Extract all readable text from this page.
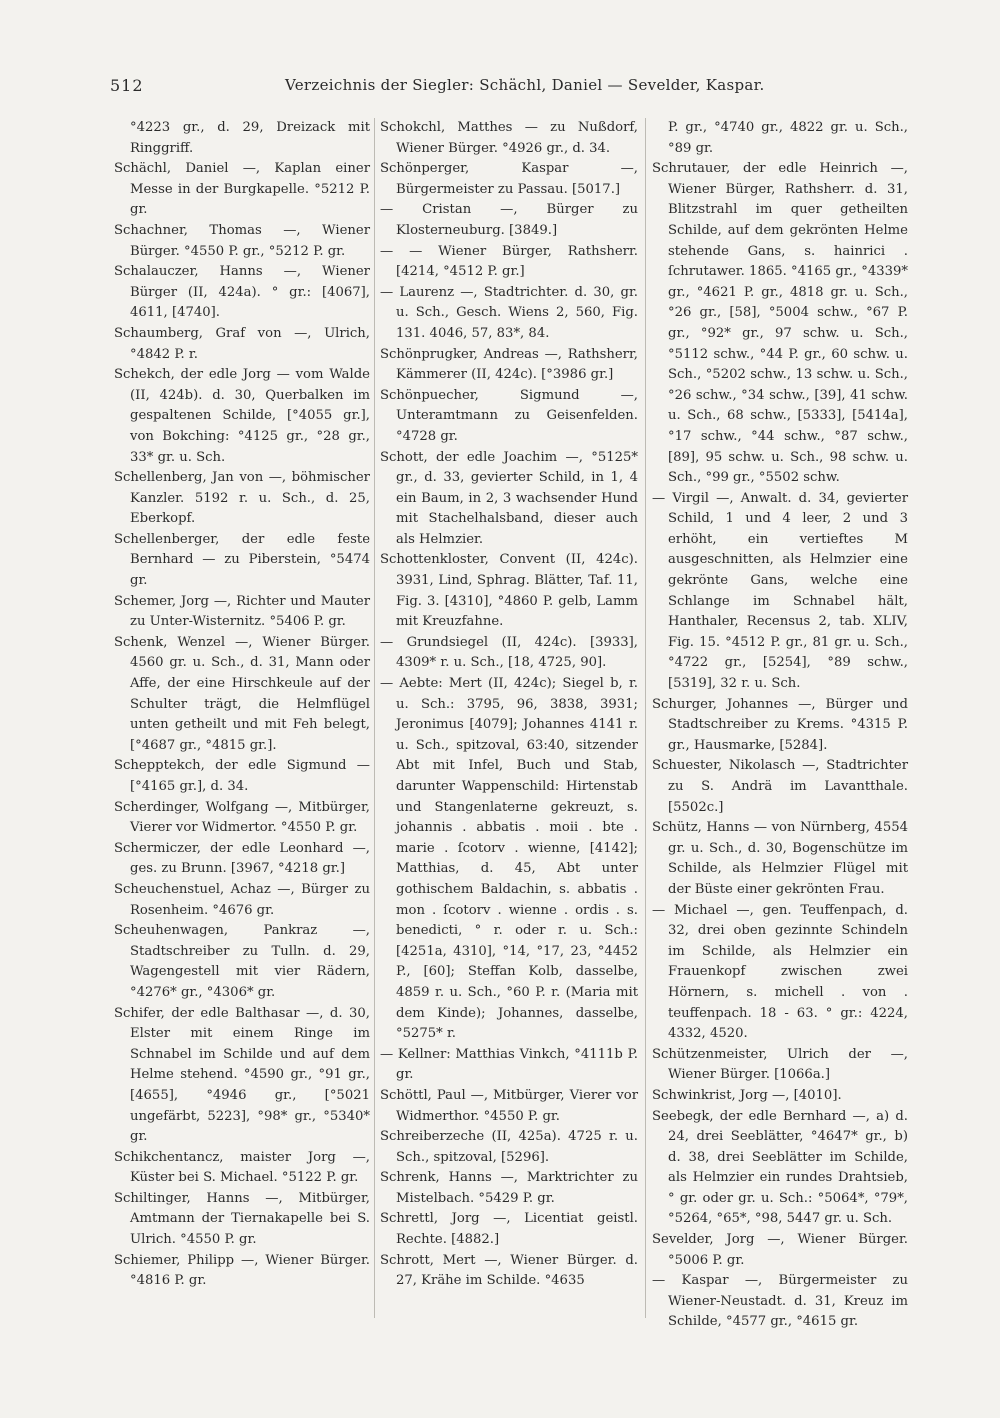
512	Verzeichnis der Siegler: Schächl, Daniel — Sevelder, Kaspar.

°4223 gr., d. 29, Dreizack mit Ringgriff.

Schächl, Daniel —, Kaplan einer Messe in der Burgkapelle. °5212 P. gr.

Schachner, Thomas —, Wiener Bürger. °4550 P. gr., °5212 P. gr.

Schalauczer, Hanns —, Wiener Bürger (II, 424a). ° gr.: [4067], 4611, [4740].

Schaumberg, Graf von —, Ulrich, °4842 P. r.

Schekch, der edle Jorg — vom Walde (II, 424b). d. 30, Querbalken im gespaltenen Schilde, [°4055 gr.], von Bokching: °4125 gr., °28 gr., 33* gr. u. Sch.

Schellenberg, Jan von —, böhmischer Kanzler. 5192 r. u. Sch., d. 25, Eberkopf.

Schellenberger, der edle feste Bernhard — zu Piberstein, °5474 gr.

Schemer, Jorg —, Richter und Mauter zu Unter-Wisternitz. °5406 P. gr.

Schenk, Wenzel —, Wiener Bürger. 4560 gr. u. Sch., d. 31, Mann oder Affe, der eine Hirschkeule auf der Schulter trägt, die Helmflügel unten getheilt und mit Feh belegt, [°4687 gr., °4815 gr.].

Schepptekch, der edle Sigmund — [°4165 gr.], d. 34.

Scherdinger, Wolfgang —, Mitbürger, Vierer vor Widmertor. °4550 P. gr.

Schermiczer, der edle Leonhard —, ges. zu Brunn. [3967, °4218 gr.]

Scheuchenstuel, Achaz —, Bürger zu Rosenheim. °4676 gr.

Scheuhenwagen, Pankraz —, Stadtschreiber zu Tulln. d. 29, Wagengestell mit vier Rädern, °4276* gr., °4306* gr.

Schifer, der edle Balthasar —, d. 30, Elster mit einem Ringe im Schnabel im Schilde und auf dem Helme stehend. °4590 gr., °91 gr., [4655], °4946 gr., [°5021 ungefärbt, 5223], °98* gr., °5340* gr.

Schikchentancz, maister Jorg —, Küster bei S. Michael. °5122 P. gr.

Schiltinger, Hanns —, Mitbürger, Amtmann der Tiernakapelle bei S. Ulrich. °4550 P. gr.

Schiemer, Philipp —, Wiener Bürger. °4816 P. gr.

Schokchl, Matthes — zu Nußdorf, Wiener Bürger. °4926 gr., d. 34.

Schönperger, Kaspar —, Bürgermeister zu Passau. [5017.]

— Cristan —, Bürger zu Klosterneuburg. [3849.]

— — Wiener Bürger, Rathsherr. [4214, °4512 P. gr.]

— Laurenz —, Stadtrichter. d. 30, gr. u. Sch., Gesch. Wiens 2, 560, Fig. 131. 4046, 57, 83*, 84.

Schönprugker, Andreas —, Rathsherr, Kämmerer (II, 424c). [°3986 gr.]

Schönpuecher, Sigmund —, Unteramtmann zu Geisenfelden. °4728 gr.

Schott, der edle Joachim —, °5125* gr., d. 33, gevierter Schild, in 1, 4 ein Baum, in 2, 3 wachsender Hund mit Stachelhalsband, dieser auch als Helmzier.

Schottenkloster, Convent (II, 424c). 3931, Lind, Sphrag. Blätter, Taf. 11, Fig. 3. [4310], °4860 P. gelb, Lamm mit Kreuzfahne.

— Grundsiegel (II, 424c). [3933], 4309* r. u. Sch., [18, 4725, 90].

— Aebte: Mert (II, 424c); Siegel b, r. u. Sch.: 3795, 96, 3838, 3931; Jeronimus [4079]; Johannes 4141 r. u. Sch., spitzoval, 63:40, sitzender Abt mit Infel, Buch und Stab, darunter Wappenschild: Hirtenstab und Stangenlaterne gekreuzt, s. johannis . abbatis . moii . bte . marie . ſcotorv . wienne, [4142]; Matthias, d. 45, Abt unter gothischem Baldachin, s. abbatis . mon . ſcotorv . wienne . ordis . s. benedicti, ° r. oder r. u. Sch.: [4251a, 4310], °14, °17, 23, °4452 P., [60]; Steffan Kolb, dasselbe, 4859 r. u. Sch., °60 P. r. (Maria mit dem Kinde); Johannes, dasselbe, °5275* r.

— Kellner: Matthias Vinkch, °4111b P. gr.

Schöttl, Paul —, Mitbürger, Vierer vor Widmerthor. °4550 P. gr.

Schreiberzeche (II, 425a). 4725 r. u. Sch., spitzoval, [5296].

Schrenk, Hanns —, Marktrichter zu Mistelbach. °5429 P. gr.

Schrettl, Jorg —, Licentiat geistl. Rechte. [4882.]

Schrott, Mert —, Wiener Bürger. d. 27, Krähe im Schilde. °4635

P. gr., °4740 gr., 4822 gr. u. Sch., °89 gr.

Schrutauer, der edle Heinrich —, Wiener Bürger, Rathsherr. d. 31, Blitzstrahl im quer getheilten Schilde, auf dem gekrönten Helme stehende Gans, s. hainrici . ſchrutawer. 1865. °4165 gr., °4339* gr., °4621 P. gr., 4818 gr. u. Sch., °26 gr., [58], °5004 schw., °67 P. gr., °92* gr., 97 schw. u. Sch., °5112 schw., °44 P. gr., 60 schw. u. Sch., °5202 schw., 13 schw. u. Sch., °26 schw., °34 schw., [39], 41 schw. u. Sch., 68 schw., [5333], [5414a], °17 schw., °44 schw., °87 schw., [89], 95 schw. u. Sch., 98 schw. u. Sch., °99 gr., °5502 schw.

— Virgil —, Anwalt. d. 34, gevierter Schild, 1 und 4 leer, 2 und 3 erhöht, ein vertieftes M ausgeschnitten, als Helmzier eine gekrönte Gans, welche eine Schlange im Schnabel hält, Hanthaler, Recensus 2, tab. XLIV, Fig. 15. °4512 P. gr., 81 gr. u. Sch., °4722 gr., [5254], °89 schw., [5319], 32 r. u. Sch.

Schurger, Johannes —, Bürger und Stadtschreiber zu Krems. °4315 P. gr., Hausmarke, [5284].

Schuester, Nikolasch —, Stadtrichter zu S. Andrä im Lavantthale. [5502c.]

Schütz, Hanns — von Nürnberg, 4554 gr. u. Sch., d. 30, Bogenschütze im Schilde, als Helmzier Flügel mit der Büste einer gekrönten Frau.

— Michael —, gen. Teuffenpach, d. 32, drei oben gezinnte Schindeln im Schilde, als Helmzier ein Frauenkopf zwischen zwei Hörnern, s. michell . von . teuffenpach. 18 - 63. ° gr.: 4224, 4332, 4520.

Schützenmeister, Ulrich der —, Wiener Bürger. [1066a.]

Schwinkrist, Jorg —, [4010].

Seebegk, der edle Bernhard —, a) d. 24, drei Seeblätter, °4647* gr., b) d. 38, drei Seeblätter im Schilde, als Helmzier ein rundes Drahtsieb, ° gr. oder gr. u. Sch.: °5064*, °79*, °5264, °65*, °98, 5447 gr. u. Sch.

Sevelder, Jorg —, Wiener Bürger. °5006 P. gr.

— Kaspar —, Bürgermeister zu Wiener-Neustadt. d. 31, Kreuz im Schilde, °4577 gr., °4615 gr.
